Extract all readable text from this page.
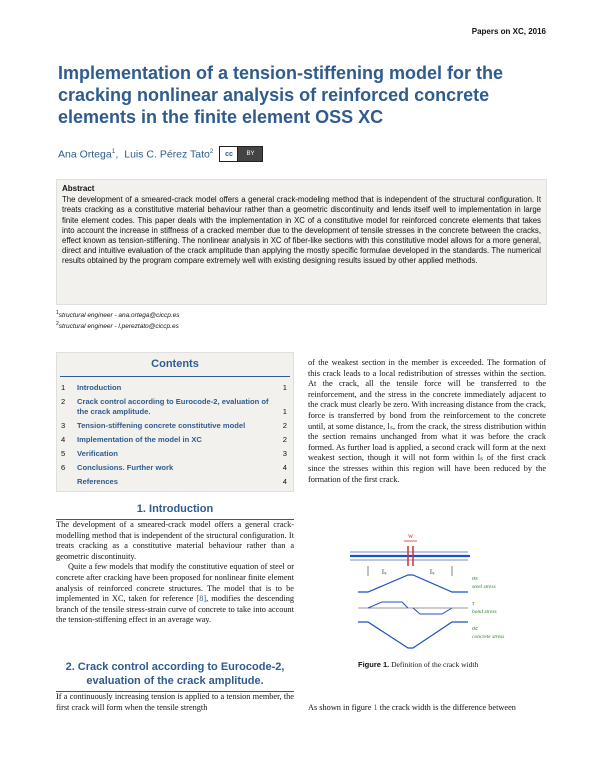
Papers on XC, 2016
Implementation of a tension-stiffening model for the cracking nonlinear analysis of reinforced concrete elements in the finite element OSS XC
Ana Ortega$^1$, Luis C. Pérez Tato$^2$	cc	BY
Abstract

The development of a smeared-crack model offers a general crack-modeling method that is independent of the structural configuration. It treats cracking as a constitutive material behaviour rather than a geometric discontinuity and lends itself well to implementation in large finite element codes. This paper deals with the implementation in XC of a constitutive model for reinforced concrete elements that takes into account the increase in stiffness of a cracked member due to the development of tensile stresses in the concrete between the cracks, effect known as tension-stiffening. The nonlinear analysis in XC of fiber-like sections with this constitutive model allows for a more general, direct and intuitive evaluation of the crack amplitude than applying the mostly specific formulae developed in the standards. The numerical results obtained by the program compare extremely well with existing designing results issued by other applied methods.

$^1$structural engineer - ana.ortega@ciccp.es
$^2$structural engineer - l.pereztato@ciccp.es
Contents
1	Introduction	1
2	Crack control according to Eurocode-2, evaluation of the crack amplitude.	1
3	Tension-stiffening concrete constitutive model	2
4	Implementation of the model in XC	2
5	Verification	3
6	Conclusions. Further work	4
References	4
1. Introduction

The development of a smeared-crack model offers a general crack-modelling method that is independent of the structural configuration. It treats cracking as a constitutive material behaviour rather than a geometric discontinuity.

Quite a few models that modify the constitutive equation of steel or concrete after cracking have been proposed for nonlinear finite element analysis of reinforced concrete structures. The model that is to be implemented in XC, taken for reference [8], modifies the descending branch of the tensile stress-strain curve of concrete to take into account the tension-stiffening effect in an average way.

2. Crack control according to Eurocode-2, evaluation of the crack amplitude.

If a continuously increasing tension is applied to a tension member, the first crack will form when the tensile strength

of the weakest section in the member is exceeded. The formation of this crack leads to a local redistribution of stresses within the section. At the crack, all the tensile force will be transferred to the reinforcement, and the stress in the concrete immediately adjacent to the crack must clearly be zero. With increasing distance from the crack, force is transferred by bond from the reinforcement to the concrete until, at some distance, lₛ, from the crack, the stress distribution within the section remains unchanged from what it was before the crack formed. As further load is applied, a second crack will form at the next weakest section, though it will not form within lₛ of the first crack since the stresses within this region will have been reduced by the formation of the first crack.

w
lₛ	lₛ
σs
steel stress
τ
bond stress
σc
concrete stress
Figure 1. Definition of the crack width

As shown in figure 1 the crack width is the difference between
